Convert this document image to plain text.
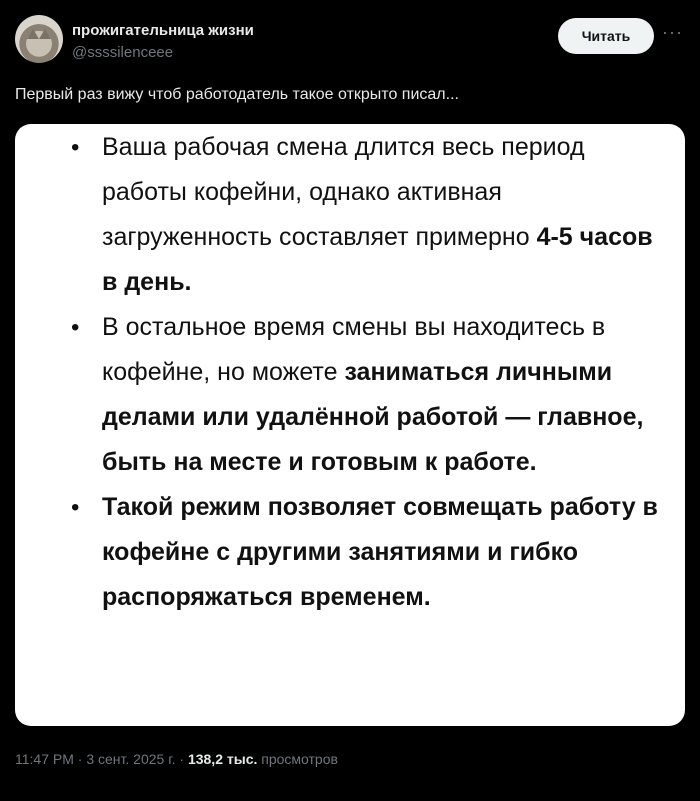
прожигательница жизни
@ssssilenceee
Читать	···
Первый раз вижу чтоб работодатель такое открыто писал...
• Ваша рабочая смена длится весь период работы кофейни, однако активная загруженность составляет примерно 4-5 часов в день.
• В остальное время смены вы находитесь в кофейне, но можете заниматься личными делами или удалённой работой — главное, быть на месте и готовым к работе.
• Такой режим позволяет совмещать работу в кофейне с другими занятиями и гибко распоряжаться временем.
11:47 PM · 3 сент. 2025 г. · 138,2 тыс. просмотров
